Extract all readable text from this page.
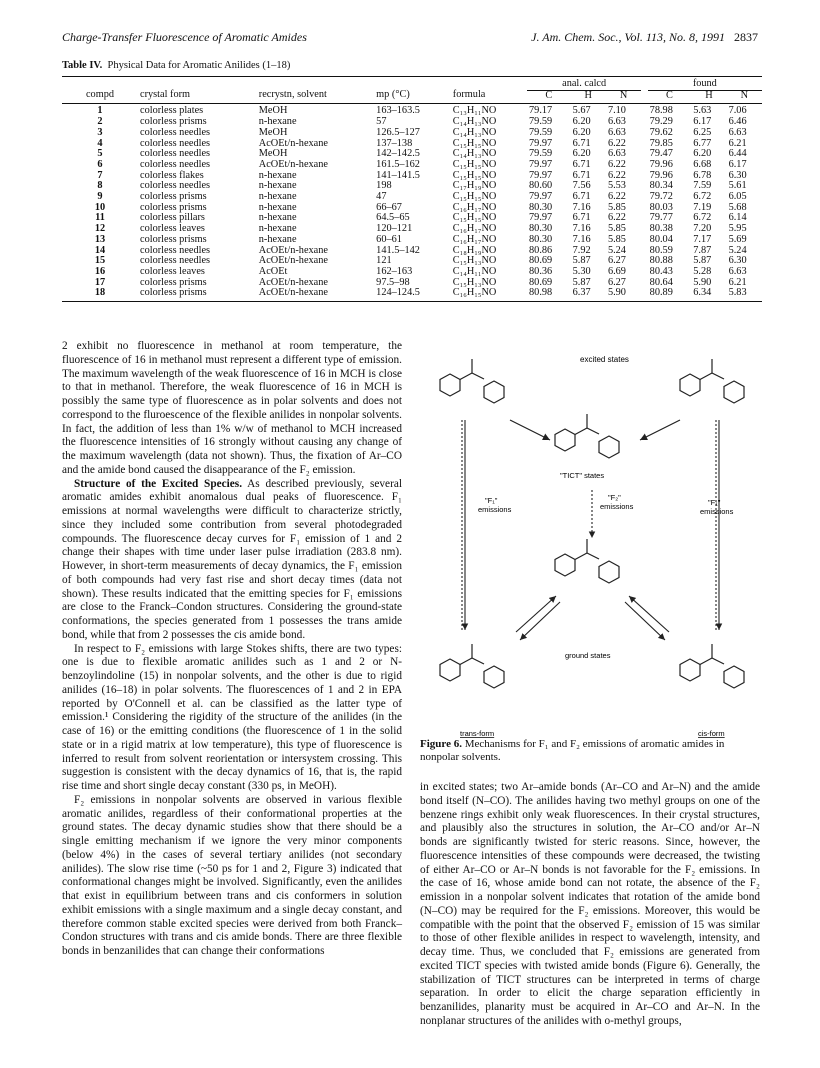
Charge-Transfer Fluorescence of Aromatic Amides	J. Am. Chem. Soc., Vol. 113, No. 8, 1991 2837
Table IV. Physical Data for Aromatic Anilides (1–18)
					anal. calcd				found		
compd	crystal form	recrystn, solvent	mp (°C)	formula	C	H	N		C	H	N
1	colorless plates	MeOH	163–163.5	C₁₃H₁₁NO	79.17	5.67	7.10		78.98	5.63	7.06
2	colorless prisms	n-hexane	57	C₁₄H₁₃NO	79.59	6.20	6.63		79.29	6.17	6.46
3	colorless needles	MeOH	126.5–127	C₁₄H₁₃NO	79.59	6.20	6.63		79.62	6.25	6.63
4	colorless needles	AcOEt/n-hexane	137–138	C₁₅H₁₅NO	79.97	6.71	6.22		79.85	6.77	6.21
5	colorless needles	MeOH	142–142.5	C₁₄H₁₃NO	79.59	6.20	6.63		79.47	6.20	6.44
6	colorless needles	AcOEt/n-hexane	161.5–162	C₁₅H₁₅NO	79.97	6.71	6.22		79.96	6.68	6.17
7	colorless flakes	n-hexane	141–141.5	C₁₅H₁₅NO	79.97	6.71	6.22		79.96	6.78	6.30
8	colorless needles	n-hexane	198	C₁₇H₁₉NO	80.60	7.56	5.53		80.34	7.59	5.61
9	colorless prisms	n-hexane	47	C₁₅H₁₅NO	79.97	6.71	6.22		79.72	6.72	6.05
10	colorless prisms	n-hexane	66–67	C₁₆H₁₇NO	80.30	7.16	5.85		80.03	7.19	5.68
11	colorless pillars	n-hexane	64.5–65	C₁₅H₁₅NO	79.97	6.71	6.22		79.77	6.72	6.14
12	colorless leaves	n-hexane	120–121	C₁₆H₁₇NO	80.30	7.16	5.85		80.38	7.20	5.95
13	colorless prisms	n-hexane	60–61	C₁₆H₁₇NO	80.30	7.16	5.85		80.04	7.17	5.69
14	colorless needles	AcOEt/n-hexane	141.5–142	C₁₈H₁₉NO	80.86	7.92	5.24		80.59	7.87	5.24
15	colorless needles	AcOEt/n-hexane	121	C₁₅H₁₃NO	80.69	5.87	6.27		80.88	5.87	6.30
16	colorless leaves	AcOEt	162–163	C₁₄H₁₁NO	80.36	5.30	6.69		80.43	5.28	6.63
17	colorless prisms	AcOEt/n-hexane	97.5–98	C₁₅H₁₃NO	80.69	5.87	6.27		80.64	5.90	6.21
18	colorless prisms	AcOEt/n-hexane	124–124.5	C₁₆H₁₅NO	80.98	6.37	5.90		80.89	6.34	5.83

2 exhibit no fluorescence in methanol at room temperature, the fluorescence of 16 in methanol must represent a different type of emission. The maximum wavelength of the weak fluorescence of 16 in MCH is close to that in methanol. Therefore, the weak fluorescence of 16 in MCH is possibly the same type of fluorescence as in polar solvents and does not correspond to the fluroescence of the flexible anilides in nonpolar solvents. In fact, the addition of less than 1% w/w of methanol to MCH increased the fluorescence intensities of 16 strongly without causing any change of the maximum wavelength (data not shown). Thus, the fixation of Ar–CO and the amide bond caused the disappearance of the F₂ emission.

Structure of the Excited Species. As described previously, several aromatic amides exhibit anomalous dual peaks of fluorescence. F₁ emissions at normal wavelengths were difficult to characterize strictly, since they included some contribution from several photodegraded compounds. The fluorescence decay curves for F₁ emission of 1 and 2 change their shapes with time under laser pulse irradiation (283.8 nm). However, in short-term measurements of decay dynamics, the F₁ emission of both compounds had very fast rise and short decay times (data not shown). These results indicated that the emitting species for F₁ emissions are close to the Franck–Condon structures. Considering the ground-state conformations, the species generated from 1 possesses the trans amide bond, while that from 2 possesses the cis amide bond.

In respect to F₂ emissions with large Stokes shifts, there are two types: one is due to flexible aromatic anilides such as 1 and 2 or N-benzoylindoline (15) in nonpolar solvents, and the other is due to rigid anilides (16–18) in polar solvents. The fluorescences of 1 and 2 in EPA reported by O'Connell et al. can be classified as the latter type of emission.¹ Considering the rigidity of the structure of the anilides (in the case of 16) or the emitting conditions (the fluorescence of 1 in the solid state or in a rigid matrix at low temperature), this type of fluorescence is inferred to result from solvent reorientation or intersystem crossing. This suggestion is consistent with the decay dynamics of 16, that is, the rapid rise time and short single decay constant (330 ps, in MeOH).

F₂ emissions in nonpolar solvents are observed in various flexible aromatic anilides, regardless of their conformational properties at the ground states. The decay dynamic studies show that there should be a single emitting mechanism if we ignore the very minor components (below 4%) in the cases of several tertiary anilides (not secondary anilides). The slow rise time (~50 ps for 1 and 2, Figure 3) indicated that conformational changes might be involved. Significantly, even the anilides that exist in equilibrium between trans and cis conformers in solution exhibit emissions with a single maximum and a single decay constant, and therefore common stable excited species were derived from both Franck–Condon structures with trans and cis amide bonds. There are three flexible bonds in benzanilides that can change their conformations

excited states
"TICT" states
"F₁"
emissions
"F₂"
emissions	"F₁"
emissions
ground states
trans-form	cis-form
Figure 6. Mechanisms for F₁ and F₂ emissions of aromatic amides in nonpolar solvents.

in excited states; two Ar–amide bonds (Ar–CO and Ar–N) and the amide bond itself (N–CO). The anilides having two methyl groups on one of the benzene rings exhibit only weak fluorescences. In their crystal structures, and plausibly also the structures in solution, the Ar–CO and/or Ar–N bonds are significantly twisted for steric reasons. Since, however, the fluorescence intensities of these compounds were decreased, the twisting of either Ar–CO or Ar–N bonds is not favorable for the F₂ emissions. In the case of 16, whose amide bond can not rotate, the absence of the F₂ emission in a nonpolar solvent indicates that rotation of the amide bond (N–CO) may be required for the F₂ emissions. Moreover, this would be compatible with the point that the observed F₂ emission of 15 was similar to those of other flexible anilides in respect to wavelength, intensity, and decay time. Thus, we concluded that F₂ emissions are generated from excited TICT species with twisted amide bonds (Figure 6). Generally, the stabilization of TICT structures can be interpreted in terms of charge separation. In order to elicit the charge separation efficiently in benzanilides, planarity must be acquired in Ar–CO and Ar–N. In the nonplanar structures of the anilides with o-methyl groups,
